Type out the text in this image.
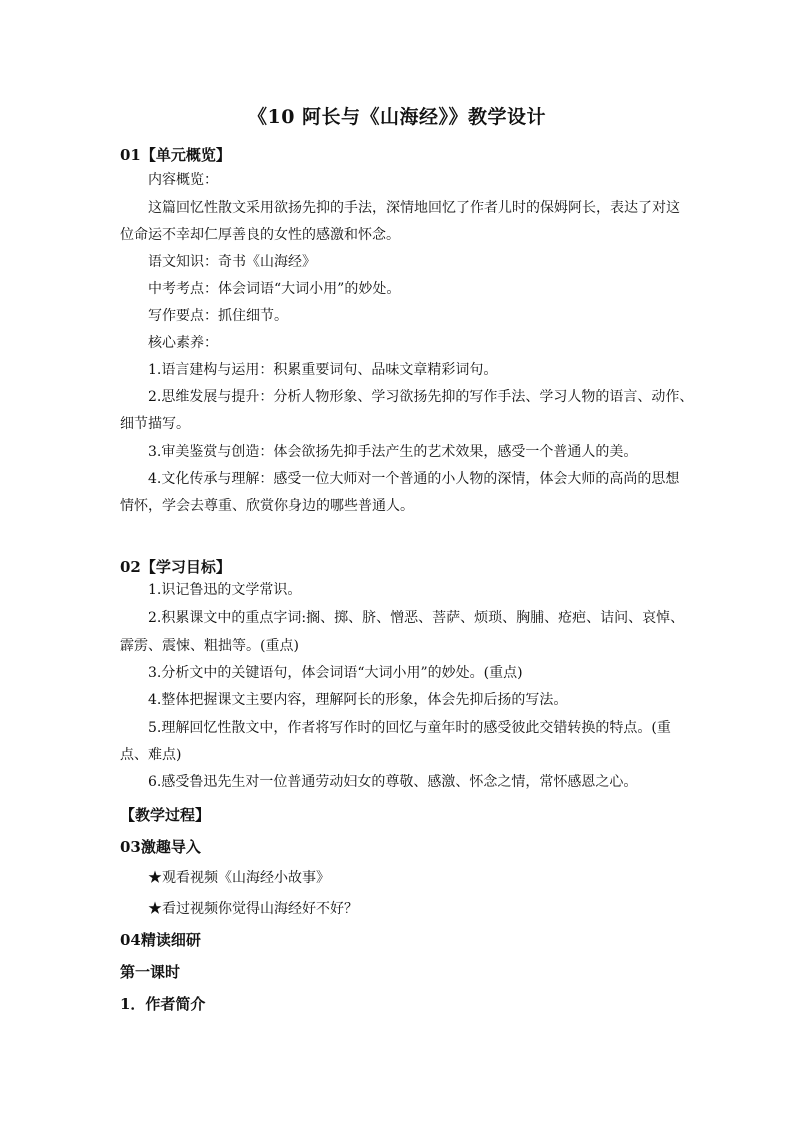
《10 阿长与《山海经》》教学设计
01【单元概览】
内容概览：
这篇回忆性散文采用欲扬先抑的手法，深情地回忆了作者儿时的保姆阿长，表达了对这
位命运不幸却仁厚善良的女性的感激和怀念。
语文知识：奇书《山海经》
中考考点：体会词语“大词小用”的妙处。
写作要点：抓住细节。
核心素养：
1.语言建构与运用：积累重要词句、品味文章精彩词句。
2.思维发展与提升：分析人物形象、学习欲扬先抑的写作手法、学习人物的语言、动作、
细节描写。
3.审美鉴赏与创造：体会欲扬先抑手法产生的艺术效果，感受一个普通人的美。
4.文化传承与理解：感受一位大师对一个普通的小人物的深情，体会大师的高尚的思想
情怀，学会去尊重、欣赏你身边的哪些普通人。
02【学习目标】
1.识记鲁迅的文学常识。
2.积累课文中的重点字词:搁、掷、脐、憎恶、菩萨、烦琐、胸脯、疮疤、诘问、哀悼、
霹雳、震悚、粗拙等。(重点)
3.分析文中的关键语句，体会词语“大词小用”的妙处。(重点)
4.整体把握课文主要内容，理解阿长的形象，体会先抑后扬的写法。
5.理解回忆性散文中，作者将写作时的回忆与童年时的感受彼此交错转换的特点。(重
点、难点)
6.感受鲁迅先生对一位普通劳动妇女的尊敬、感激、怀念之情，常怀感恩之心。
【教学过程】
03激趣导入
★观看视频《山海经小故事》
★看过视频你觉得山海经好不好？
04精读细研
第一课时
1．作者简介
